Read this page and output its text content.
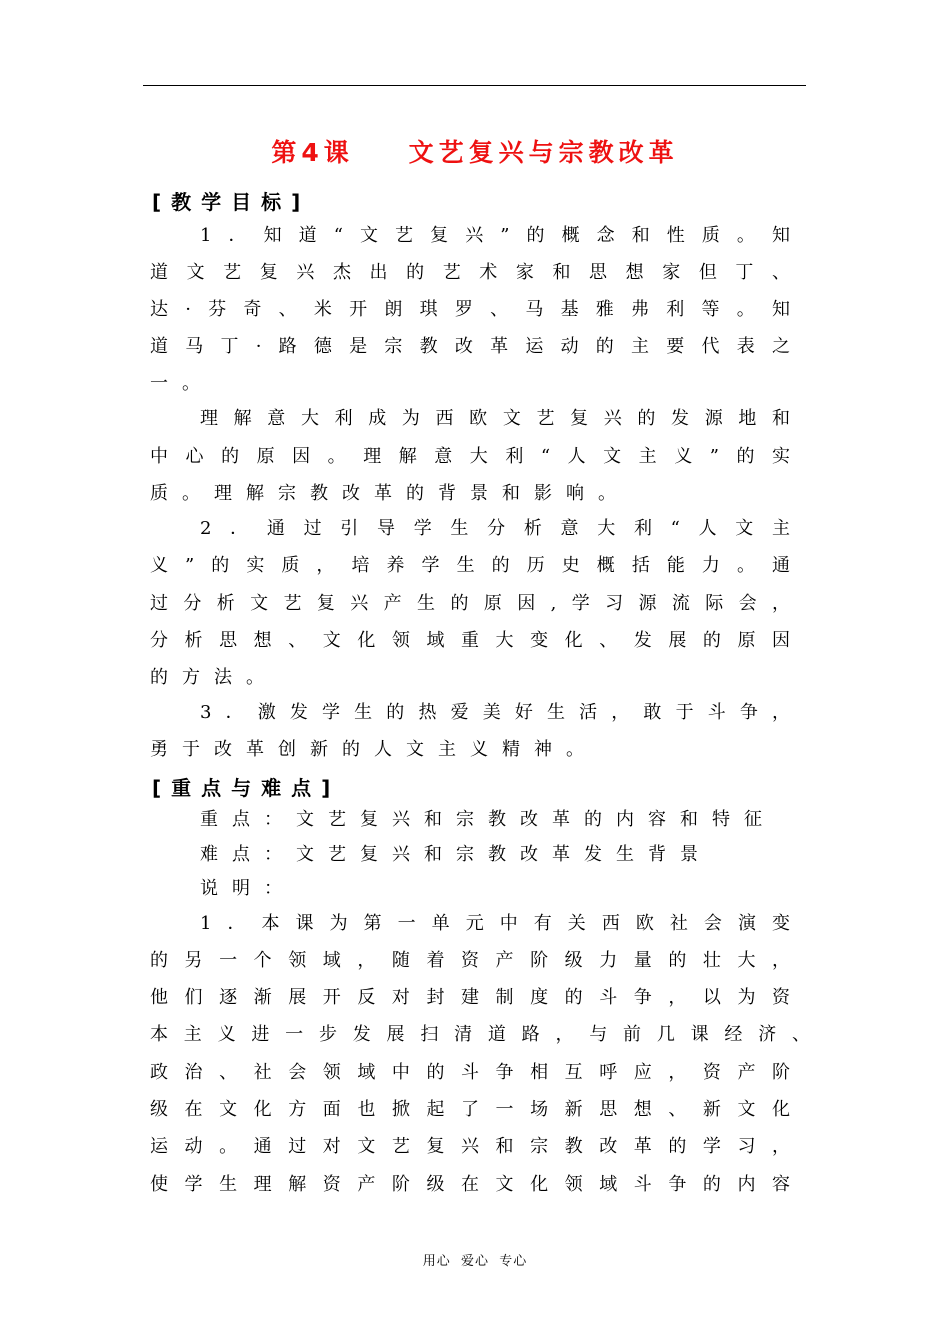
第4课    文艺复兴与宗教改革
[教学目标]

1．知道“文艺复兴”的概念和性质。知

道文艺复兴杰出的艺术家和思想家但丁、

达·芬奇、米开朗琪罗、马基雅弗利等。知

道马丁·路德是宗教改革运动的主要代表之

一。

理解意大利成为西欧文艺复兴的发源地和

中心的原因。理解意大利“人文主义”的实

质。理解宗教改革的背景和影响。

2．通过引导学生分析意大利“人文主

义”的实质，培养学生的历史概括能力。通

过分析文艺复兴产生的原因,学习源流际会，

分析思想、文化领域重大变化、发展的原因

的方法。

3．激发学生的热爱美好生活，敢于斗争，

勇于改革创新的人文主义精神。

[重点与难点]

重点：文艺复兴和宗教改革的内容和特征

难点：文艺复兴和宗教改革发生背景

说明：

1．本课为第一单元中有关西欧社会演变

的另一个领域，随着资产阶级力量的壮大，

他们逐渐展开反对封建制度的斗争，以为资

本主义进一步发展扫清道路，与前几课经济、

政治、社会领域中的斗争相互呼应，资产阶

级在文化方面也掀起了一场新思想、新文化

运动。通过对文艺复兴和宗教改革的学习，

使学生理解资产阶级在文化领域斗争的内容

用心  爱心  专心
